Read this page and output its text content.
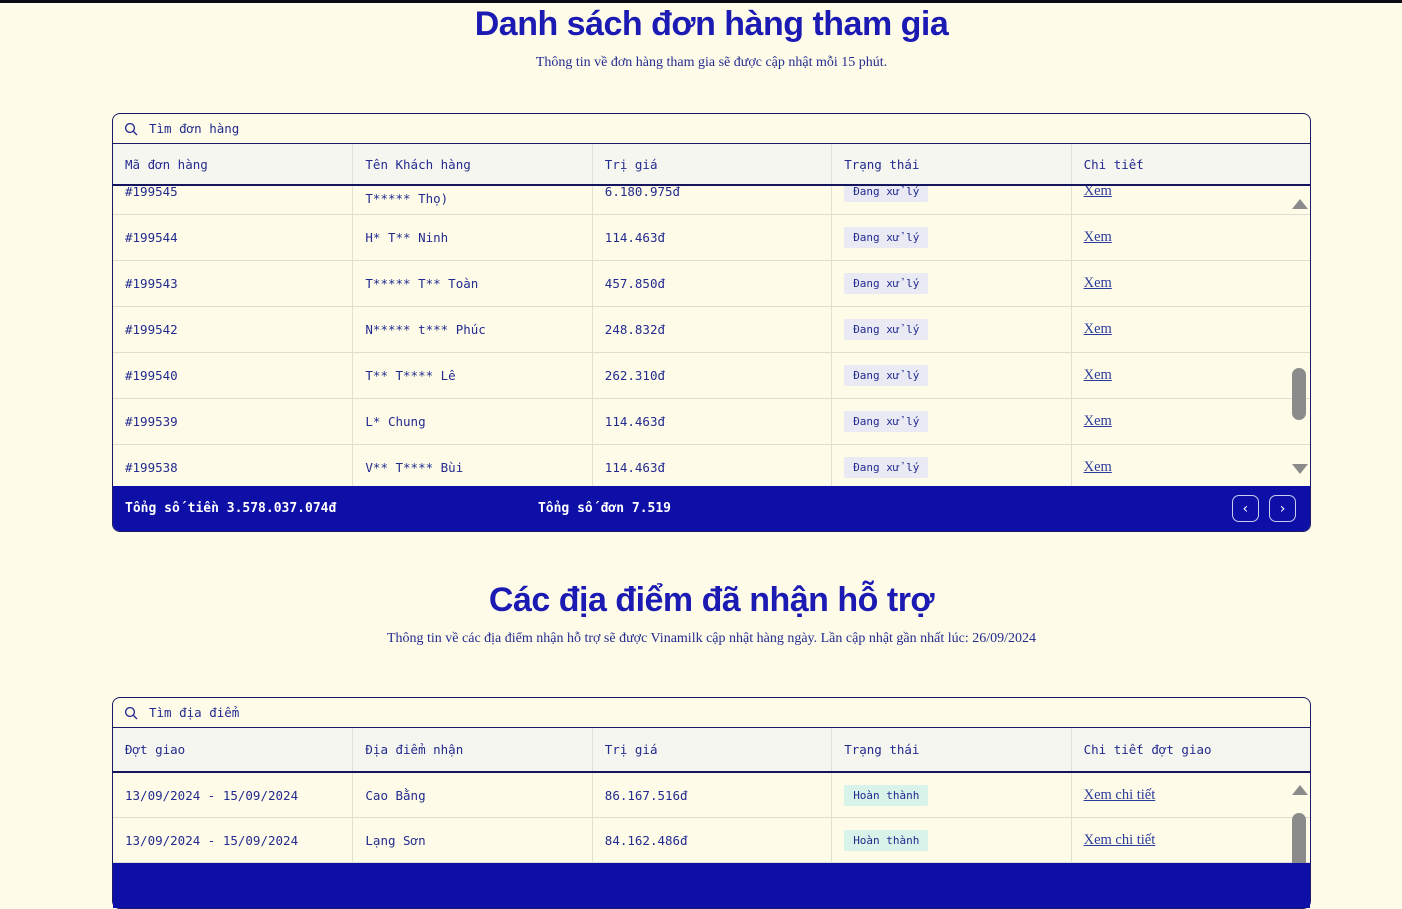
Danh sách đơn hàng tham gia
Thông tin về đơn hàng tham gia sẽ được cập nhật mỗi 15 phút.
Tìm đơn hàng
Mã đơn hàng	Tên Khách hàng	Trị giá	Trạng thái	Chi tiết
#199545	T***** Thọ)	6.180.975đ	Đang xử lý	Xem
#199544	H* T** Ninh	114.463đ	Đang xử lý	Xem
#199543	T***** T** Toàn	457.850đ	Đang xử lý	Xem
#199542	N***** t*** Phúc	248.832đ	Đang xử lý	Xem
#199540	T** T**** Lê	262.310đ	Đang xử lý	Xem
#199539	L* Chung	114.463đ	Đang xử lý	Xem
#199538	V** T**** Bùi	114.463đ	Đang xử lý	Xem
Tổng số tiền 3.578.037.074đ	Tổng số đơn 7.519	‹ ›
Các địa điểm đã nhận hỗ trợ
Thông tin về các địa điểm nhận hỗ trợ sẽ được Vinamilk cập nhật hàng ngày. Lần cập nhật gần nhất lúc: 26/09/2024
Tìm địa điểm
Đợt giao	Địa điểm nhận	Trị giá	Trạng thái	Chi tiết đợt giao
13/09/2024 - 15/09/2024	Cao Bằng	86.167.516đ	Hoàn thành	Xem chi tiết
13/09/2024 - 15/09/2024	Lạng Sơn	84.162.486đ	Hoàn thành	Xem chi tiết
